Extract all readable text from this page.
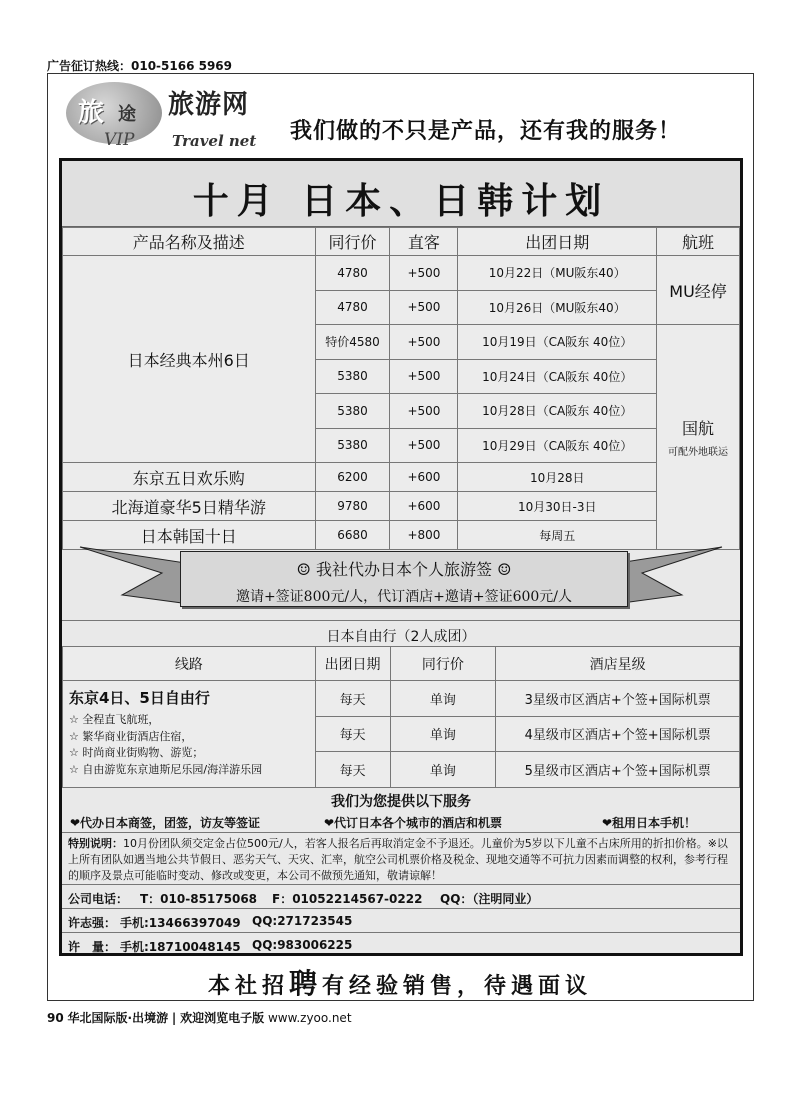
广告征订热线：010-5166 5969
旅 途 旅游网
VIP	Travel net 我们做的不只是产品，还有我的服务！
十月 日本、日韩计划
产品名称及描述	同行价	直客	出团日期	航班
日本经典本州6日	4780	+500	10月22日（MU阪东40）	MU经停
	4780	+500	10月26日（MU阪东40）	
	特价4580	+500	10月19日（CA阪东 40位）	国航
可配外地联运

	5380	+500	10月24日（CA阪东 40位）	
	5380	+500	10月28日（CA阪东 40位）	
	5380	+500	10月29日（CA阪东 40位）	
东京五日欢乐购	6200	+600	10月28日	
北海道豪华5日精华游	9780	+600	10月30日-3日	
日本韩国十日	6680	+800	每周五	
☺ 我社代办日本个人旅游签 ☺
邀请+签证800元/人，代订酒店+邀请+签证600元/人
日本自由行（2人成团）
线路	出团日期	同行价	酒店星级

东京4日、5日自由行
☆ 全程直飞航班，
☆ 繁华商业街酒店住宿，
☆ 时尚商业街购物、游览；
☆ 自由游览东京迪斯尼乐园/海洋游乐园	每天	单询	3星级市区酒店+个签+国际机票
	每天	单询	4星级市区酒店+个签+国际机票
	每天	单询	5星级市区酒店+个签+国际机票
我们为您提供以下服务
❤代办日本商签，团签，访友等签证	❤代订日本各个城市的酒店和机票	❤租用日本手机！
特别说明：10月份团队须交定金占位500元/人，若客人报名后再取消定金不予退还。儿童价为5岁以下儿童不占床所用的折扣价格。※以上所有团队如遇当地公共节假日、恶劣天气、天灾、汇率，航空公司机票价格及税金、现地交通等不可抗力因素而调整的权利，参考行程的顺序及景点可能临时变动、修改或变更，本公司不做预先通知，敬请谅解！
公司电话： T：010-85175068 F：01052214567-0222 QQ：（注明同业）
许志强： 手机:13466397049 QQ:271723545
许　量： 手机:18710048145 QQ:983006225
本社招聘有经验销售，待遇面议
90 华北国际版·出境游 | 欢迎浏览电子版 www.zyoo.net
